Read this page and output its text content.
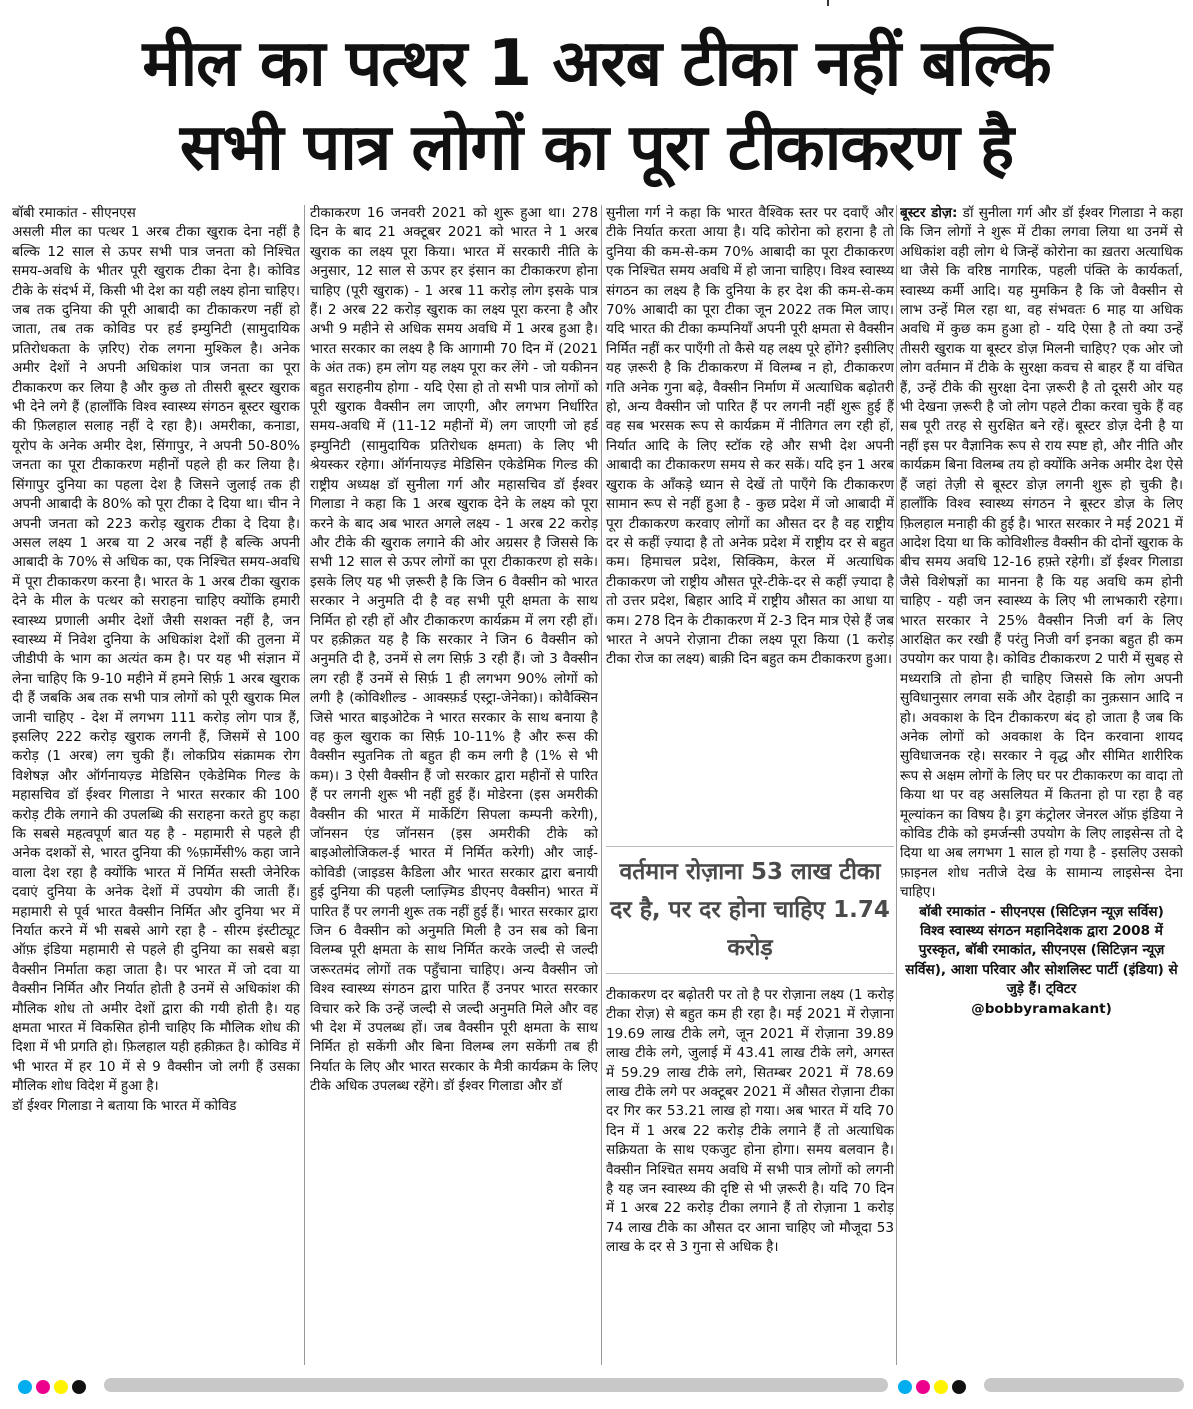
मील का पत्थर 1 अरब टीका नहीं बल्कि
सभी पात्र लोगों का पूरा टीकाकरण है

बॉबी रमाकांत - सीएनएस

असली मील का पत्थर 1 अरब टीका खुराक देना नहीं है बल्कि 12 साल से ऊपर सभी पात्र जनता को निश्चित समय-अवधि के भीतर पूरी खुराक टीका देना है। कोविड टीके के संदर्भ में, किसी भी देश का यही लक्ष्य होना चाहिए। जब तक दुनिया की पूरी आबादी का टीकाकरण नहीं हो जाता, तब तक कोविड पर हर्ड इम्युनिटी (सामुदायिक प्रतिरोधकता के ज़रिए) रोक लगना मुश्किल है। अनेक अमीर देशों ने अपनी अधिकांश पात्र जनता का पूरा टीकाकरण कर लिया है और कुछ तो तीसरी बूस्टर खुराक भी देने लगे हैं (हालाँकि विश्व स्वास्थ्य संगठन बूस्टर खुराक की फ़िलहाल सलाह नहीं दे रहा है)। अमरीका, कनाडा, यूरोप के अनेक अमीर देश, सिंगापुर, ने अपनी 50-80% जनता का पूरा टीकाकरण महीनों पहले ही कर लिया है। सिंगापुर दुनिया का पहला देश है जिसने जुलाई तक ही अपनी आबादी के 80% को पूरा टीका दे दिया था। चीन ने अपनी जनता को 223 करोड़ खुराक टीका दे दिया है। असल लक्ष्य 1 अरब या 2 अरब नहीं है बल्कि अपनी आबादी के 70% से अधिक का, एक निश्चित समय-अवधि में पूरा टीकाकरण करना है। भारत के 1 अरब टीका खुराक देने के मील के पत्थर को सराहना चाहिए क्योंकि हमारी स्वास्थ्य प्रणाली अमीर देशों जैसी सशक्त नहीं है, जन स्वास्थ्य में निवेश दुनिया के अधिकांश देशों की तुलना में जीडीपी के भाग का अत्यंत कम है। पर यह भी संज्ञान में लेना चाहिए कि 9-10 महीने में हमने सिर्फ़ 1 अरब खुराक दी हैं जबकि अब तक सभी पात्र लोगों को पूरी खुराक मिल जानी चाहिए - देश में लगभग 111 करोड़ लोग पात्र हैं, इसलिए 222 करोड़ खुराक लगनी हैं, जिसमें से 100 करोड़ (1 अरब) लग चुकी हैं। लोकप्रिय संक्रामक रोग विशेषज्ञ और ऑर्गनायज़्ड मेडिसिन एकेडेमिक गिल्ड के महासचिव डॉ ईश्वर गिलाडा ने भारत सरकार की 100 करोड़ टीके लगाने की उपलब्धि की सराहना करते हुए कहा कि सबसे महत्वपूर्ण बात यह है - महामारी से पहले ही अनेक दशकों से, भारत दुनिया की %फ़ार्मेसी% कहा जाने वाला देश रहा है क्योंकि भारत में निर्मित सस्ती जेनेरिक दवाएं दुनिया के अनेक देशों में उपयोग की जाती हैं। महामारी से पूर्व भारत वैक्सीन निर्मित और दुनिया भर में निर्यात करने में भी सबसे आगे रहा है - सीरम इंस्टीट्यूट ऑफ़ इंडिया महामारी से पहले ही दुनिया का सबसे बड़ा वैक्सीन निर्माता कहा जाता है। पर भारत में जो दवा या वैक्सीन निर्मित और निर्यात होती है उनमें से अधिकांश की मौलिक शोध तो अमीर देशों द्वारा की गयी होती है। यह क्षमता भारत में विकसित होनी चाहिए कि मौलिक शोध की दिशा में भी प्रगति हो। फ़िलहाल यही हक़ीक़त है। कोविड में भी भारत में हर 10 में से 9 वैक्सीन जो लगी हैं उसका मौलिक शोध विदेश में हुआ है।

डॉ ईश्वर गिलाडा ने बताया कि भारत में कोविड

टीकाकरण 16 जनवरी 2021 को शुरू हुआ था। 278 दिन के बाद 21 अक्टूबर 2021 को भारत ने 1 अरब खुराक का लक्ष्य पूरा किया। भारत में सरकारी नीति के अनुसार, 12 साल से ऊपर हर इंसान का टीकाकरण होना चाहिए (पूरी खुराक) - 1 अरब 11 करोड़ लोग इसके पात्र हैं। 2 अरब 22 करोड़ खुराक का लक्ष्य पूरा करना है और अभी 9 महीने से अधिक समय अवधि में 1 अरब हुआ है। भारत सरकार का लक्ष्य है कि आगामी 70 दिन में (2021 के अंत तक) हम लोग यह लक्ष्य पूरा कर लेंगे - जो यकीनन बहुत सराहनीय होगा - यदि ऐसा हो तो सभी पात्र लोगों को पूरी खुराक वैक्सीन लग जाएगी, और लगभग निर्धारित समय-अवधि में (11-12 महीनों में) लग जाएगी जो हर्ड इम्युनिटी (सामुदायिक प्रतिरोधक क्षमता) के लिए भी श्रेयस्कर रहेगा। ऑर्गनायज़्ड मेडिसिन एकेडेमिक गिल्ड की राष्ट्रीय अध्यक्ष डॉ सुनीला गर्ग और महासचिव डॉ ईश्वर गिलाडा ने कहा कि 1 अरब खुराक देने के लक्ष्य को पूरा करने के बाद अब भारत अगले लक्ष्य - 1 अरब 22 करोड़ और टीके की खुराक लगाने की ओर अग्रसर है जिससे कि सभी 12 साल से ऊपर लोगों का पूरा टीकाकरण हो सके। इसके लिए यह भी ज़रूरी है कि जिन 6 वैक्सीन को भारत सरकार ने अनुमति दी है वह सभी पूरी क्षमता के साथ निर्मित हो रही हों और टीकाकरण कार्यक्रम में लग रही हों। पर हक़ीक़त यह है कि सरकार ने जिन 6 वैक्सीन को अनुमति दी है, उनमें से लग सिर्फ़ 3 रही हैं। जो 3 वैक्सीन लग रही हैं उनमें से सिर्फ़ 1 ही लगभग 90% लोगों को लगी है (कोविशील्ड - आक्स्फ़र्ड एस्ट्रा-जेनेका)। कोवैक्सिन जिसे भारत बाइओटेक ने भारत सरकार के साथ बनाया है वह कुल खुराक का सिर्फ़ 10-11% है और रूस की वैक्सीन स्पुतनिक तो बहुत ही कम लगी है (1% से भी कम)। 3 ऐसी वैक्सीन हैं जो सरकार द्वारा महीनों से पारित हैं पर लगनी शुरू भी नहीं हुई हैं। मोडेरना (इस अमरीकी वैक्सीन की भारत में मार्केटिंग सिपला कम्पनी करेगी), जॉनसन एंड जॉनसन (इस अमरीकी टीके को बाइओलोजिकल-ई भारत में निर्मित करेगी) और जाई-कोविडी (जाइडस कैडिला और भारत सरकार द्वारा बनायी हुई दुनिया की पहली प्लाज़्मिड डीएनए वैक्सीन) भारत में पारित हैं पर लगनी शुरू तक नहीं हुई हैं। भारत सरकार द्वारा जिन 6 वैक्सीन को अनुमति मिली है उन सब को बिना विलम्ब पूरी क्षमता के साथ निर्मित करके जल्दी से जल्दी जरूरतमंद लोगों तक पहुँचाना चाहिए। अन्य वैक्सीन जो विश्व स्वास्थ्य संगठन द्वारा पारित हैं उनपर भारत सरकार विचार करे कि उन्हें जल्दी से जल्दी अनुमति मिले और वह भी देश में उपलब्ध हों। जब वैक्सीन पूरी क्षमता के साथ निर्मित हो सकेंगी और बिना विलम्ब लग सकेंगी तब ही निर्यात के लिए और भारत सरकार के मैत्री कार्यक्रम के लिए टीके अधिक उपलब्ध रहेंगे। डॉ ईश्वर गिलाडा और डॉ

सुनीला गर्ग ने कहा कि भारत वैश्विक स्तर पर दवाएँ और टीके निर्यात करता आया है। यदि कोरोना को हराना है तो दुनिया की कम-से-कम 70% आबादी का पूरा टीकाकरण एक निश्चित समय अवधि में हो जाना चाहिए। विश्व स्वास्थ्य संगठन का लक्ष्य है कि दुनिया के हर देश की कम-से-कम 70% आबादी का पूरा टीका जून 2022 तक मिल जाए। यदि भारत की टीका कम्पनियाँ अपनी पूरी क्षमता से वैक्सीन निर्मित नहीं कर पाएँगी तो कैसे यह लक्ष्य पूरे होंगे? इसीलिए यह ज़रूरी है कि टीकाकरण में विलम्ब न हो, टीकाकरण गति अनेक गुना बढ़े, वैक्सीन निर्माण में अत्याधिक बढ़ोतरी हो, अन्य वैक्सीन जो पारित हैं पर लगनी नहीं शुरू हुई हैं वह सब भरसक रूप से कार्यक्रम में नीतिगत लग रही हों, निर्यात आदि के लिए स्टॉक रहे और सभी देश अपनी आबादी का टीकाकरण समय से कर सकें। यदि इन 1 अरब खुराक के आँकड़े ध्यान से देखें तो पाएँगे कि टीकाकरण सामान रूप से नहीं हुआ है - कुछ प्रदेश में जो आबादी में पूरा टीकाकरण करवाए लोगों का औसत दर है वह राष्ट्रीय दर से कहीं ज़्यादा है तो अनेक प्रदेश में राष्ट्रीय दर से बहुत कम। हिमाचल प्रदेश, सिक्किम, केरल में अत्याधिक टीकाकरण जो राष्ट्रीय औसत पूरे-टीके-दर से कहीं ज़्यादा है तो उत्तर प्रदेश, बिहार आदि में राष्ट्रीय औसत का आधा या कम। 278 दिन के टीकाकरण में 2-3 दिन मात्र ऐसे हैं जब भारत ने अपने रोज़ाना टीका लक्ष्य पूरा किया (1 करोड़ टीका रोज का लक्ष्य) बाक़ी दिन बहुत कम टीकाकरण हुआ।

वर्तमान रोज़ाना 53 लाख टीका दर है, पर दर होना चाहिए 1.74 करोड़

टीकाकरण दर बढ़ोतरी पर तो है पर रोज़ाना लक्ष्य (1 करोड़ टीका रोज़) से बहुत कम ही रहा है। मई 2021 में रोज़ाना 19.69 लाख टीके लगे, जून 2021 में रोज़ाना 39.89 लाख टीके लगे, जुलाई में 43.41 लाख टीके लगे, अगस्त में 59.29 लाख टीके लगे, सितम्बर 2021 में 78.69 लाख टीके लगे पर अक्टूबर 2021 में औसत रोज़ाना टीका दर गिर कर 53.21 लाख हो गया। अब भारत में यदि 70 दिन में 1 अरब 22 करोड़ टीके लगाने हैं तो अत्याधिक सक्रियता के साथ एकजुट होना होगा। समय बलवान है। वैक्सीन निश्चित समय अवधि में सभी पात्र लोगों को लगनी है यह जन स्वास्थ्य की दृष्टि से भी ज़रूरी है। यदि 70 दिन में 1 अरब 22 करोड़ टीका लगाने हैं तो रोज़ाना 1 करोड़ 74 लाख टीके का औसत दर आना चाहिए जो मौजूदा 53 लाख के दर से 3 गुना से अधिक है।

बूस्टर डोज़: डॉ सुनीला गर्ग और डॉ ईश्वर गिलाडा ने कहा कि जिन लोगों ने शुरू में टीका लगवा लिया था उनमें से अधिकांश वही लोग थे जिन्हें कोरोना का ख़तरा अत्याधिक था जैसे कि वरिष्ठ नागरिक, पहली पंक्ति के कार्यकर्ता, स्वास्थ्य कर्मी आदि। यह मुमकिन है कि जो वैक्सीन से लाभ उन्हें मिल रहा था, वह संभवतः 6 माह या अधिक अवधि में कुछ कम हुआ हो - यदि ऐसा है तो क्या उन्हें तीसरी खुराक या बूस्टर डोज़ मिलनी चाहिए? एक ओर जो लोग वर्तमान में टीके के सुरक्षा कवच से बाहर हैं या वंचित हैं, उन्हें टीके की सुरक्षा देना ज़रूरी है तो दूसरी ओर यह भी देखना ज़रूरी है जो लोग पहले टीका करवा चुके हैं वह सब पूरी तरह से सुरक्षित बने रहें। बूस्टर डोज़ देनी है या नहीं इस पर वैज्ञानिक रूप से राय स्पष्ट हो, और नीति और कार्यक्रम बिना विलम्ब तय हो क्योंकि अनेक अमीर देश ऐसे हैं जहां तेज़ी से बूस्टर डोज़ लगनी शुरू हो चुकी है। हालाँकि विश्व स्वास्थ्य संगठन ने बूस्टर डोज़ के लिए फ़िलहाल मनाही की हुई है। भारत सरकार ने मई 2021 में आदेश दिया था कि कोविशील्ड वैक्सीन की दोनों खुराक के बीच समय अवधि 12-16 हफ़्ते रहेगी। डॉ ईश्वर गिलाडा जैसे विशेषज्ञों का मानना है कि यह अवधि कम होनी चाहिए - यही जन स्वास्थ्य के लिए भी लाभकारी रहेगा। भारत सरकार ने 25% वैक्सीन निजी वर्ग के लिए आरक्षित कर रखी हैं परंतु निजी वर्ग इनका बहुत ही कम उपयोग कर पाया है। कोविड टीकाकरण 2 पारी में सुबह से मध्यरात्रि तो होना ही चाहिए जिससे कि लोग अपनी सुविधानुसार लगवा सकें और देहाड़ी का नुक़सान आदि न हो। अवकाश के दिन टीकाकरण बंद हो जाता है जब कि अनेक लोगों को अवकाश के दिन करवाना शायद सुविधाजनक रहे। सरकार ने वृद्ध और सीमित शारीरिक रूप से अक्षम लोगों के लिए घर पर टीकाकरण का वादा तो किया था पर वह असलियत में कितना हो पा रहा है वह मूल्यांकन का विषय है। ड्रग कंट्रोलर जेनरल ऑफ़ इंडिया ने कोविड टीके को इमर्जन्सी उपयोग के लिए लाइसेन्स तो दे दिया था अब लगभग 1 साल हो गया है - इसलिए उसको फ़ाइनल शोध नतीजे देख के सामान्य लाइसेन्स देना चाहिए।

बॉबी रमाकांत - सीएनएस (सिटिज़न न्यूज़ सर्विस)

विश्व स्वास्थ्य संगठन महानिदेशक द्वारा 2008 में पुरस्कृत, बॉबी रमाकांत, सीएनएस (सिटिज़न न्यूज़ सर्विस), आशा परिवार और सोशलिस्ट पार्टी (इंडिया) से जुड़े हैं। ट्विटर

@bobbyramakant)
